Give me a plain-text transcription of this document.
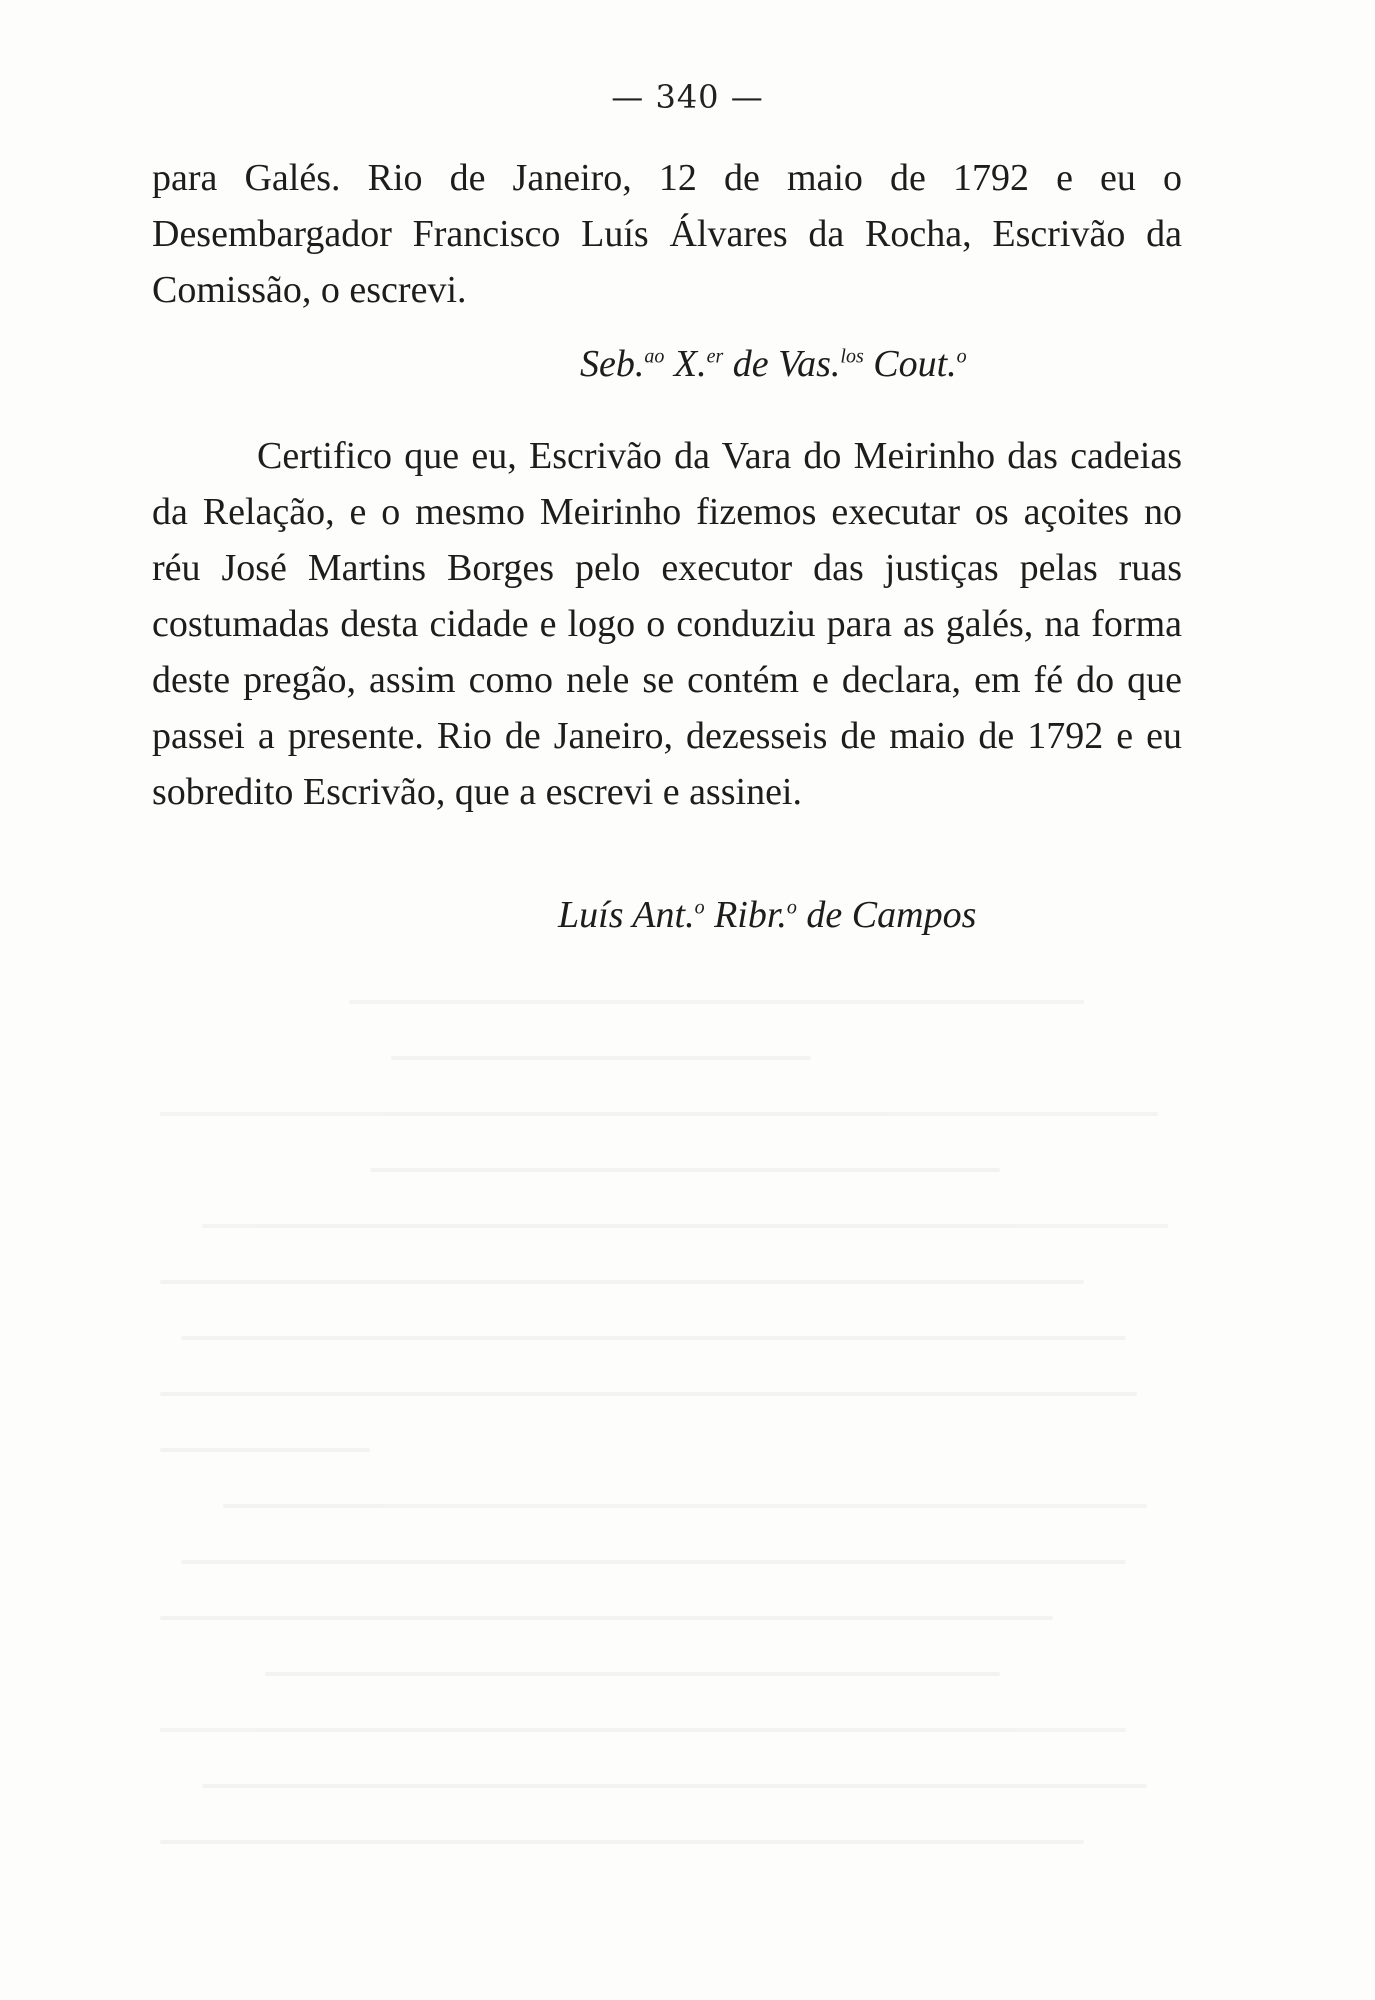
— 340 —
para Galés. Rio de Janeiro, 12 de maio de 1792 e eu o Desembargador Francisco Luís Álvares da Rocha, Escrivão da Comissão, o escrevi.
Seb.$^{ao}$ X.$^{er}$ de Vas.$^{los}$ Cout.$^o$
Certifico que eu, Escrivão da Vara do Meirinho das cadeias da Relação, e o mesmo Meirinho fizemos executar os açoites no réu José Martins Borges pelo executor das justiças pelas ruas costumadas desta cidade e logo o conduziu para as galés, na forma deste pregão, assim como nele se contém e declara, em fé do que passei a presente. Rio de Janeiro, dezesseis de maio de 1792 e eu sobredito Escrivão, que a escrevi e assinei.
Luís Ant.$^o$ Ribr.$^o$ de Campos
